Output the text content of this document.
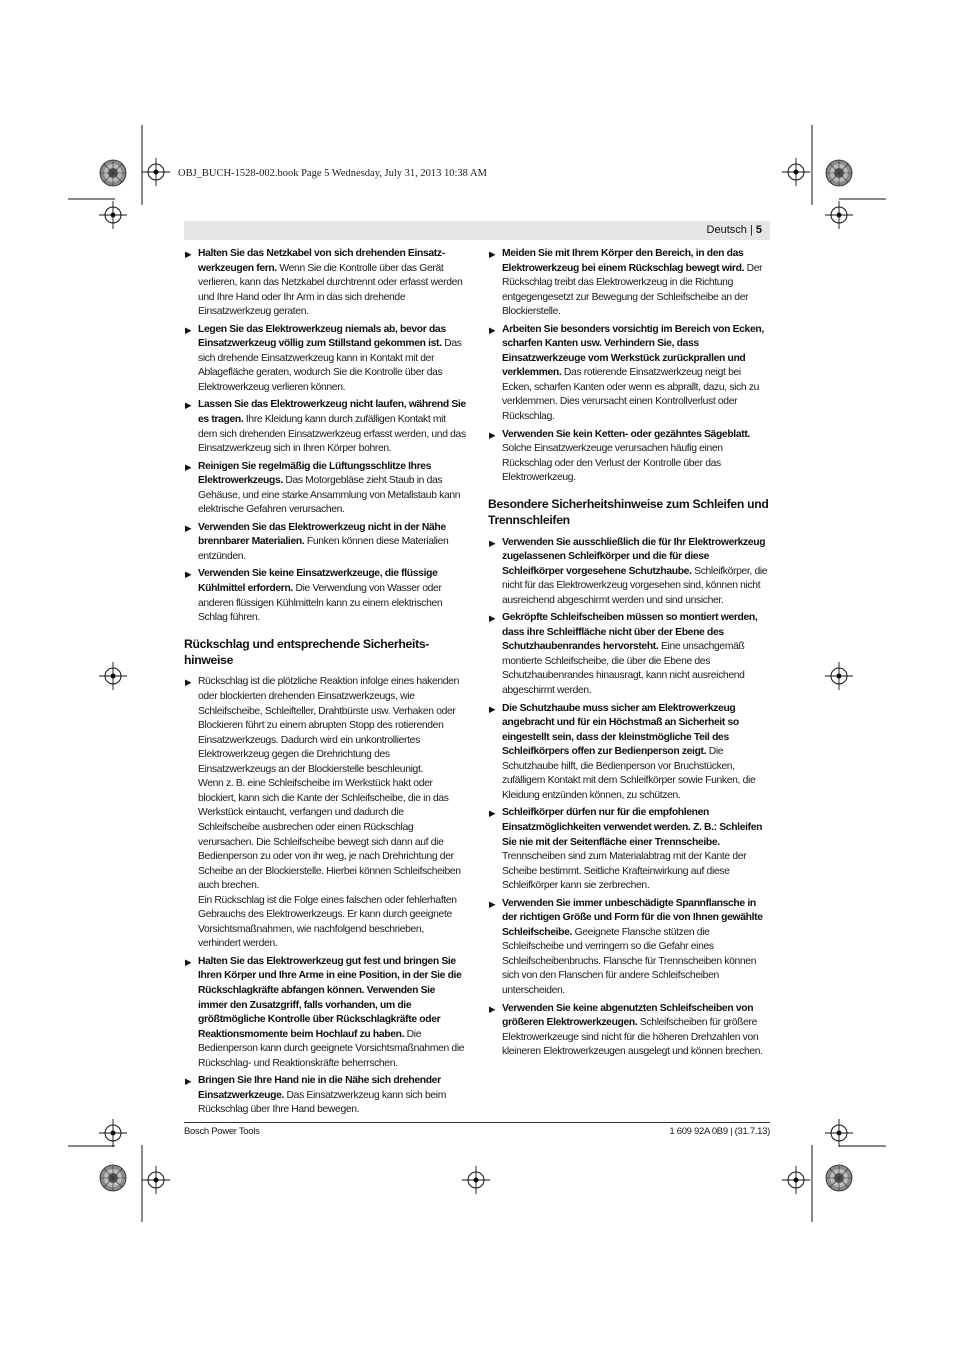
OBJ_BUCH-1528-002.book Page 5 Wednesday, July 31, 2013 10:38 AM
Deutsch | 5
▶ Halten Sie das Netzkabel von sich drehenden Einsatz-werkzeugen fern. Wenn Sie die Kontrolle über das Gerät verlieren, kann das Netzkabel durchtrennt oder erfasst werden und Ihre Hand oder Ihr Arm in das sich drehende Einsatzwerkzeug geraten.
▶ Legen Sie das Elektrowerkzeug niemals ab, bevor das Einsatzwerkzeug völlig zum Stillstand gekommen ist. Das sich drehende Einsatzwerkzeug kann in Kontakt mit der Ablagefläche geraten, wodurch Sie die Kontrolle über das Elektrowerkzeug verlieren können.
▶ Lassen Sie das Elektrowerkzeug nicht laufen, während Sie es tragen. Ihre Kleidung kann durch zufälligen Kontakt mit dem sich drehenden Einsatzwerkzeug erfasst werden, und das Einsatzwerkzeug sich in Ihren Körper bohren.
▶ Reinigen Sie regelmäßig die Lüftungsschlitze Ihres Elektrowerkzeugs. Das Motorgebläse zieht Staub in das Gehäuse, und eine starke Ansammlung von Metallstaub kann elektrische Gefahren verursachen.
▶ Verwenden Sie das Elektrowerkzeug nicht in der Nähe brennbarer Materialien. Funken können diese Materialien entzünden.
▶ Verwenden Sie keine Einsatzwerkzeuge, die flüssige Kühlmittel erfordern. Die Verwendung von Wasser oder anderen flüssigen Kühlmitteln kann zu einem elektrischen Schlag führen.
Rückschlag und entsprechende Sicherheits-hinweise
▶ Rückschlag ist die plötzliche Reaktion infolge eines hakenden oder blockierten drehenden Einsatzwerkzeugs, wie Schleifscheibe, Schleifteller, Drahtbürste usw. Verhaken oder Blockieren führt zu einem abrupten Stopp des rotierenden Einsatzwerkzeugs. Dadurch wird ein unkontrolliertes Elektrowerkzeug gegen die Drehrichtung des Einsatzwerkzeugs an der Blockierstelle beschleunigt.
Wenn z. B. eine Schleifscheibe im Werkstück hakt oder blockiert, kann sich die Kante der Schleifscheibe, die in das Werkstück eintaucht, verfangen und dadurch die Schleifscheibe ausbrechen oder einen Rückschlag verursachen. Die Schleifscheibe bewegt sich dann auf die Bedienperson zu oder von ihr weg, je nach Drehrichtung der Scheibe an der Blockierstelle. Hierbei können Schleifscheiben auch brechen.
Ein Rückschlag ist die Folge eines falschen oder fehlerhaften Gebrauchs des Elektrowerkzeugs. Er kann durch geeignete Vorsichtsmaßnahmen, wie nachfolgend beschrieben, verhindert werden.
▶ Halten Sie das Elektrowerkzeug gut fest und bringen Sie Ihren Körper und Ihre Arme in eine Position, in der Sie die Rückschlagkräfte abfangen können. Verwenden Sie immer den Zusatzgriff, falls vorhanden, um die größtmögliche Kontrolle über Rückschlagkräfte oder Reaktionsmomente beim Hochlauf zu haben. Die Bedienperson kann durch geeignete Vorsichtsmaßnahmen die Rückschlag- und Reaktionskräfte beherrschen.
▶ Bringen Sie Ihre Hand nie in die Nähe sich drehender Einsatzwerkzeuge. Das Einsatzwerkzeug kann sich beim Rückschlag über Ihre Hand bewegen.
▶ Meiden Sie mit Ihrem Körper den Bereich, in den das Elektrowerkzeug bei einem Rückschlag bewegt wird. Der Rückschlag treibt das Elektrowerkzeug in die Richtung entgegengesetzt zur Bewegung der Schleifscheibe an der Blockierstelle.
▶ Arbeiten Sie besonders vorsichtig im Bereich von Ecken, scharfen Kanten usw. Verhindern Sie, dass Einsatzwerkzeuge vom Werkstück zurückprallen und verklemmen. Das rotierende Einsatzwerkzeug neigt bei Ecken, scharfen Kanten oder wenn es abprallt, dazu, sich zu verklemmen. Dies verursacht einen Kontrollverlust oder Rückschlag.
▶ Verwenden Sie kein Ketten- oder gezähntes Sägeblatt. Solche Einsatzwerkzeuge verursachen häufig einen Rückschlag oder den Verlust der Kontrolle über das Elektrowerkzeug.
Besondere Sicherheitshinweise zum Schleifen und Trennschleifen
▶ Verwenden Sie ausschließlich die für Ihr Elektrowerkzeug zugelassenen Schleifkörper und die für diese Schleifkörper vorgesehene Schutzhaube. Schleifkörper, die nicht für das Elektrowerkzeug vorgesehen sind, können nicht ausreichend abgeschirmt werden und sind unsicher.
▶ Gekröpfte Schleifscheiben müssen so montiert werden, dass ihre Schleiffläche nicht über der Ebene des Schutzhaubenrandes hervorsteht. Eine unsachgemäß montierte Schleifscheibe, die über die Ebene des Schutzhaubenrandes hinausragt, kann nicht ausreichend abgeschirmt werden.
▶ Die Schutzhaube muss sicher am Elektrowerkzeug angebracht und für ein Höchstmaß an Sicherheit so eingestellt sein, dass der kleinstmögliche Teil des Schleifkörpers offen zur Bedienperson zeigt. Die Schutzhaube hilft, die Bedienperson vor Bruchstücken, zufälligem Kontakt mit dem Schleifkörper sowie Funken, die Kleidung entzünden können, zu schützen.
▶ Schleifkörper dürfen nur für die empfohlenen Einsatzmöglichkeiten verwendet werden. Z. B.: Schleifen Sie nie mit der Seitenfläche einer Trennscheibe. Trennscheiben sind zum Materialabtrag mit der Kante der Scheibe bestimmt. Seitliche Krafteinwirkung auf diese Schleifkörper kann sie zerbrechen.
▶ Verwenden Sie immer unbeschädigte Spannflansche in der richtigen Größe und Form für die von Ihnen gewählte Schleifscheibe. Geeignete Flansche stützen die Schleifscheibe und verringern so die Gefahr eines Schleifscheibenbruchs. Flansche für Trennscheiben können sich von den Flanschen für andere Schleifscheiben unterscheiden.
▶ Verwenden Sie keine abgenutzten Schleifscheiben von größeren Elektrowerkzeugen. Schleifscheiben für größere Elektrowerkzeuge sind nicht für die höheren Drehzahlen von kleineren Elektrowerkzeugen ausgelegt und können brechen.
Bosch Power Tools	1 609 92A 0B9 | (31.7.13)
